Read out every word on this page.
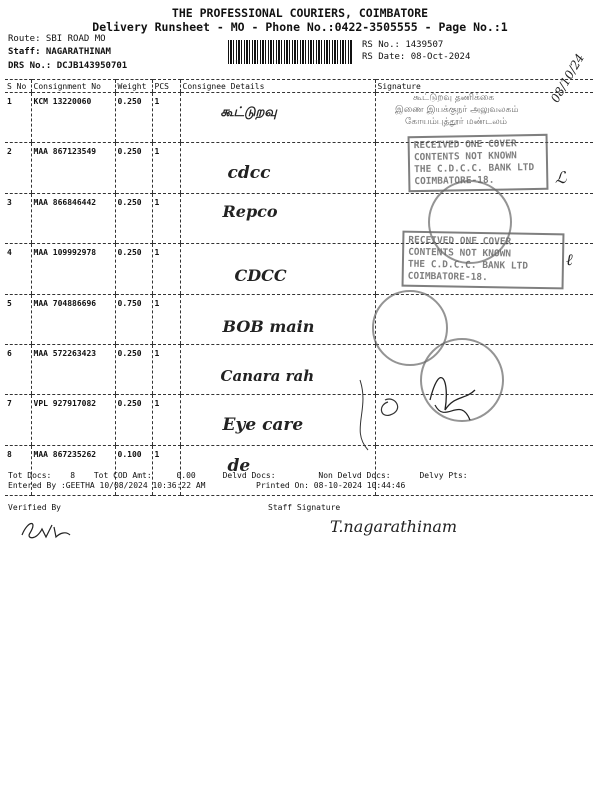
THE PROFESSIONAL COURIERS, COIMBATORE
Delivery Runsheet - MO - Phone No.:0422-3505555 - Page No.:1
Route: SBI ROAD MO
Staff: NAGARATHINAM
DRS No.: DCJB143950701
RS No.: 1439507
RS Date: 08-Oct-2024
S No	Consignment No	Weight	PCS	Consignee Details	Signature
1	KCM 13220060	0.250	1	கூட்டுறவு	
2	MAA 867123549	0.250	1	cdcc	
3	MAA 866846442	0.250	1	Repco	
4	MAA 109992978	0.250	1	CDCC	
5	MAA 704886696	0.750	1	BOB main	
6	MAA 572263423	0.250	1	Canara rah	
7	VPL 927917082	0.250	1	Eye care	
8	MAA 867235262	0.100	1	de	
கூட்டுறவு தணிக்கை
இணை இயக்குநர் அலுவலகம்
கோயம்புத்தூர் மண்டலம்
08/10/24
RECEIVED ONE COVER
CONTENTS NOT KNOWN
THE C.D.C.C. BANK LTD
COIMBATORE-18.	ℒ
RECEIVED ONE COVER
CONTENTS NOT KNOWN
THE C.D.C.C. BANK LTD
COIMBATORE-18.
ℓ
Tot Docs: 8 Tot COD Amt:	0.00	Delvd Docs:	Non Delvd Docs:	Delvy Pts:
Entered By :GEETHA 10/08/2024 10:36:22 AM	Printed On: 08-10-2024 10:44:46
Verified By	Staff Signature
T.nagarathinam
